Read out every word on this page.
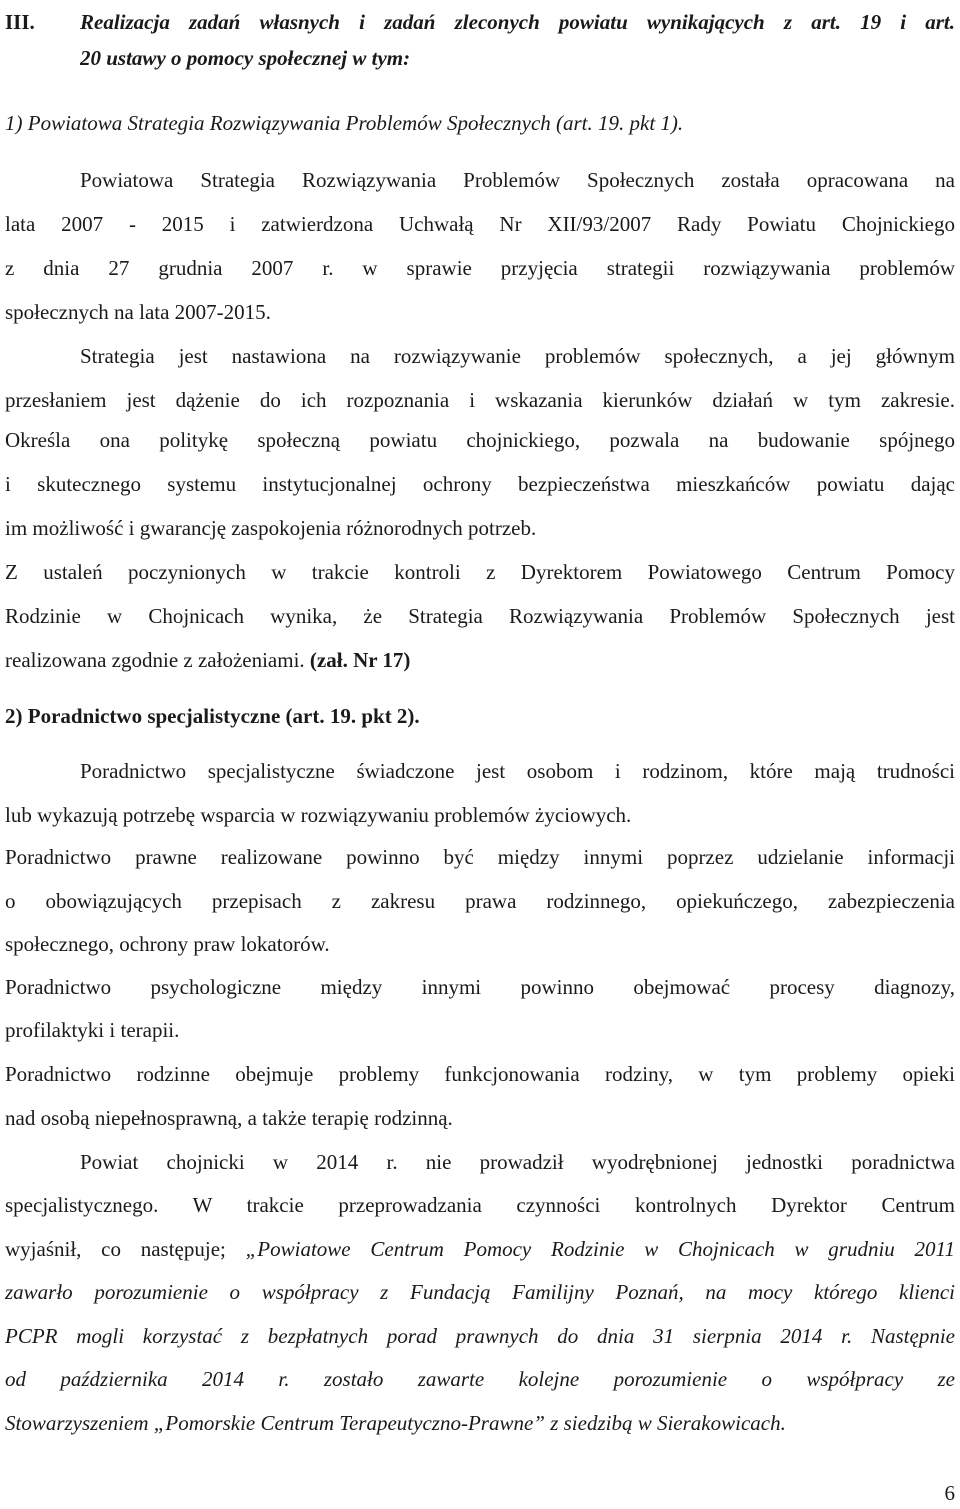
III. Realizacja zadań własnych i zadań zleconych powiatu wynikających z art. 19 i art.
20 ustawy o pomocy społecznej w tym:
1) Powiatowa Strategia Rozwiązywania Problemów Społecznych (art. 19. pkt 1).
Powiatowa Strategia Rozwiązywania Problemów Społecznych została opracowana na
lata 2007 - 2015 i zatwierdzona Uchwałą Nr XII/93/2007 Rady Powiatu Chojnickiego
z dnia 27 grudnia 2007 r. w sprawie przyjęcia strategii rozwiązywania problemów
społecznych na lata 2007-2015.
Strategia jest nastawiona na rozwiązywanie problemów społecznych, a jej głównym
przesłaniem jest dążenie do ich rozpoznania i wskazania kierunków działań w tym zakresie.
Określa ona politykę społeczną powiatu chojnickiego, pozwala na budowanie spójnego
i skutecznego systemu instytucjonalnej ochrony bezpieczeństwa mieszkańców powiatu dając
im możliwość i gwarancję zaspokojenia różnorodnych potrzeb.
Z ustaleń poczynionych w trakcie kontroli z Dyrektorem Powiatowego Centrum Pomocy
Rodzinie w Chojnicach wynika, że Strategia Rozwiązywania Problemów Społecznych jest
realizowana zgodnie z założeniami. (zał. Nr 17)
2) Poradnictwo specjalistyczne (art. 19. pkt 2).
Poradnictwo specjalistyczne świadczone jest osobom i rodzinom, które mają trudności
lub wykazują potrzebę wsparcia w rozwiązywaniu problemów życiowych.
Poradnictwo prawne realizowane powinno być między innymi poprzez udzielanie informacji
o obowiązujących przepisach z zakresu prawa rodzinnego, opiekuńczego, zabezpieczenia
społecznego, ochrony praw lokatorów.
Poradnictwo psychologiczne między innymi powinno obejmować procesy diagnozy,
profilaktyki i terapii.
Poradnictwo rodzinne obejmuje problemy funkcjonowania rodziny, w tym problemy opieki
nad osobą niepełnosprawną, a także terapię rodzinną.
Powiat chojnicki w 2014 r. nie prowadził wyodrębnionej jednostki poradnictwa
specjalistycznego. W trakcie przeprowadzania czynności kontrolnych Dyrektor Centrum
wyjaśnił, co następuje; „Powiatowe Centrum Pomocy Rodzinie w Chojnicach w grudniu 2011
zawarło porozumienie o współpracy z Fundacją Familijny Poznań, na mocy którego klienci
PCPR mogli korzystać z bezpłatnych porad prawnych do dnia 31 sierpnia 2014 r. Następnie
od października 2014 r. zostało zawarte kolejne porozumienie o współpracy ze
Stowarzyszeniem „Pomorskie Centrum Terapeutyczno-Prawne” z siedzibą w Sierakowicach.
6
